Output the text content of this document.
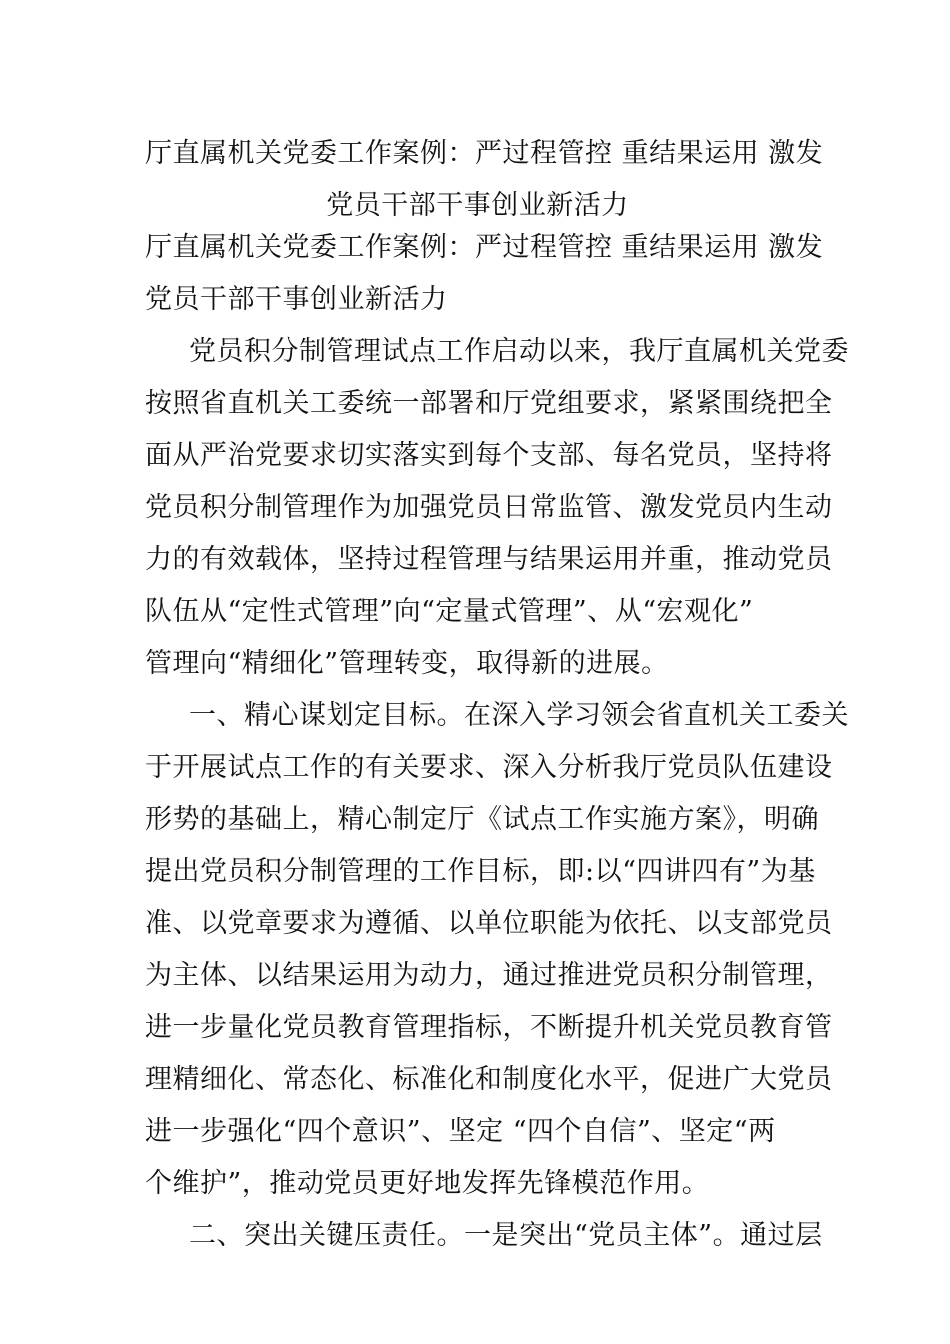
厅直属机关党委工作案例：严过程管控 重结果运用 激发
党员干部干事创业新活力
厅直属机关党委工作案例：严过程管控 重结果运用 激发
党员干部干事创业新活力
党员积分制管理试点工作启动以来，我厅直属机关党委
按照省直机关工委统一部署和厅党组要求，紧紧围绕把全
面从严治党要求切实落实到每个支部、每名党员，坚持将
党员积分制管理作为加强党员日常监管、激发党员内生动
力的有效载体，坚持过程管理与结果运用并重，推动党员
队伍从“定性式管理”向“定量式管理”、从“宏观化”
管理向“精细化”管理转变，取得新的进展。
一、精心谋划定目标。在深入学习领会省直机关工委关
于开展试点工作的有关要求、深入分析我厅党员队伍建设
形势的基础上，精心制定厅《试点工作实施方案》，明确
提出党员积分制管理的工作目标，即:以“四讲四有”为基
准、以党章要求为遵循、以单位职能为依托、以支部党员
为主体、以结果运用为动力，通过推进党员积分制管理，
进一步量化党员教育管理指标，不断提升机关党员教育管
理精细化、常态化、标准化和制度化水平，促进广大党员
进一步强化“四个意识”、坚定 “四个自信”、坚定“两
个维护”，推动党员更好地发挥先锋模范作用。
二、突出关键压责任。一是突出“党员主体”。通过层
